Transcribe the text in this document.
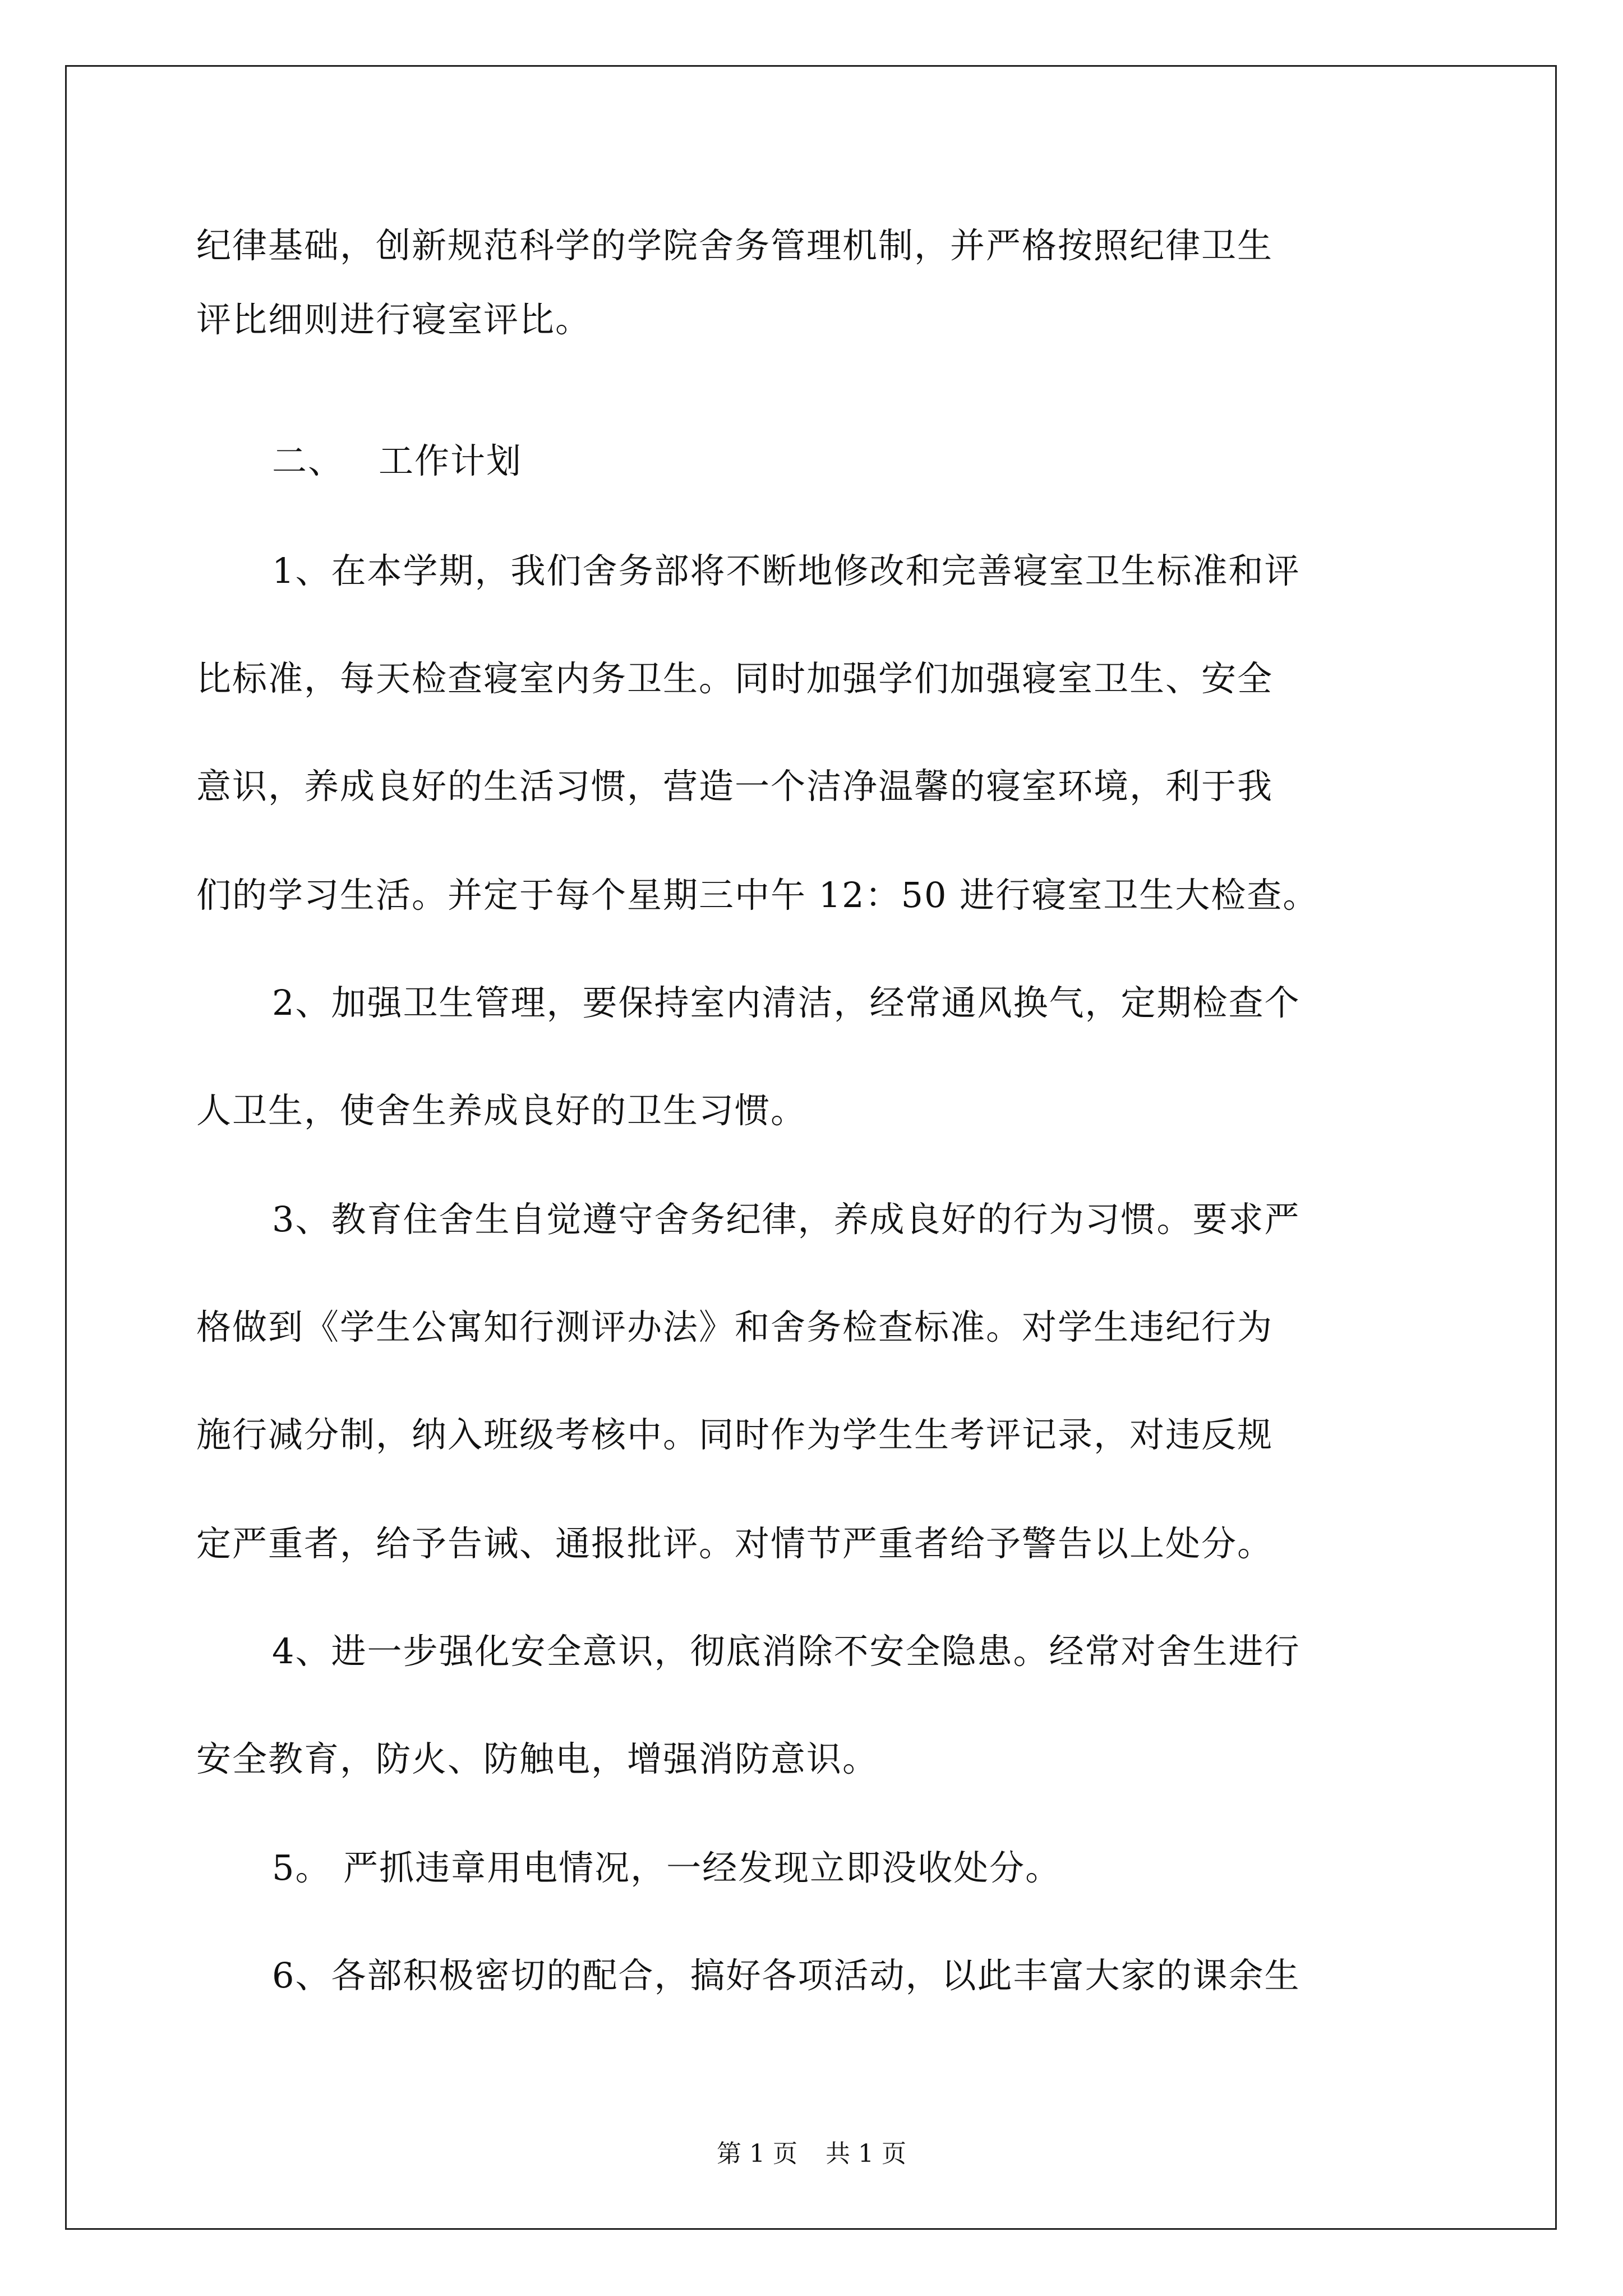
纪律基础，创新规范科学的学院舍务管理机制，并严格按照纪律卫生
评比细则进行寝室评比。
二、 工作计划
1、在本学期，我们舍务部将不断地修改和完善寝室卫生标准和评
比标准，每天检查寝室内务卫生。同时加强学们加强寝室卫生、安全
意识，养成良好的生活习惯，营造一个洁净温馨的寝室环境，利于我
们的学习生活。并定于每个星期三中午 12：50 进行寝室卫生大检查。
2、加强卫生管理，要保持室内清洁，经常通风换气，定期检查个
人卫生，使舍生养成良好的卫生习惯。
3、教育住舍生自觉遵守舍务纪律，养成良好的行为习惯。要求严
格做到《学生公寓知行测评办法》和舍务检查标准。对学生违纪行为
施行减分制，纳入班级考核中。同时作为学生生考评记录，对违反规
定严重者，给予告诫、通报批评。对情节严重者给予警告以上处分。
4、进一步强化安全意识，彻底消除不安全隐患。经常对舍生进行
安全教育，防火、防触电，增强消防意识。
5。 严抓违章用电情况，一经发现立即没收处分。
6、各部积极密切的配合，搞好各项活动，以此丰富大家的课余生
第 1 页 共 1 页
